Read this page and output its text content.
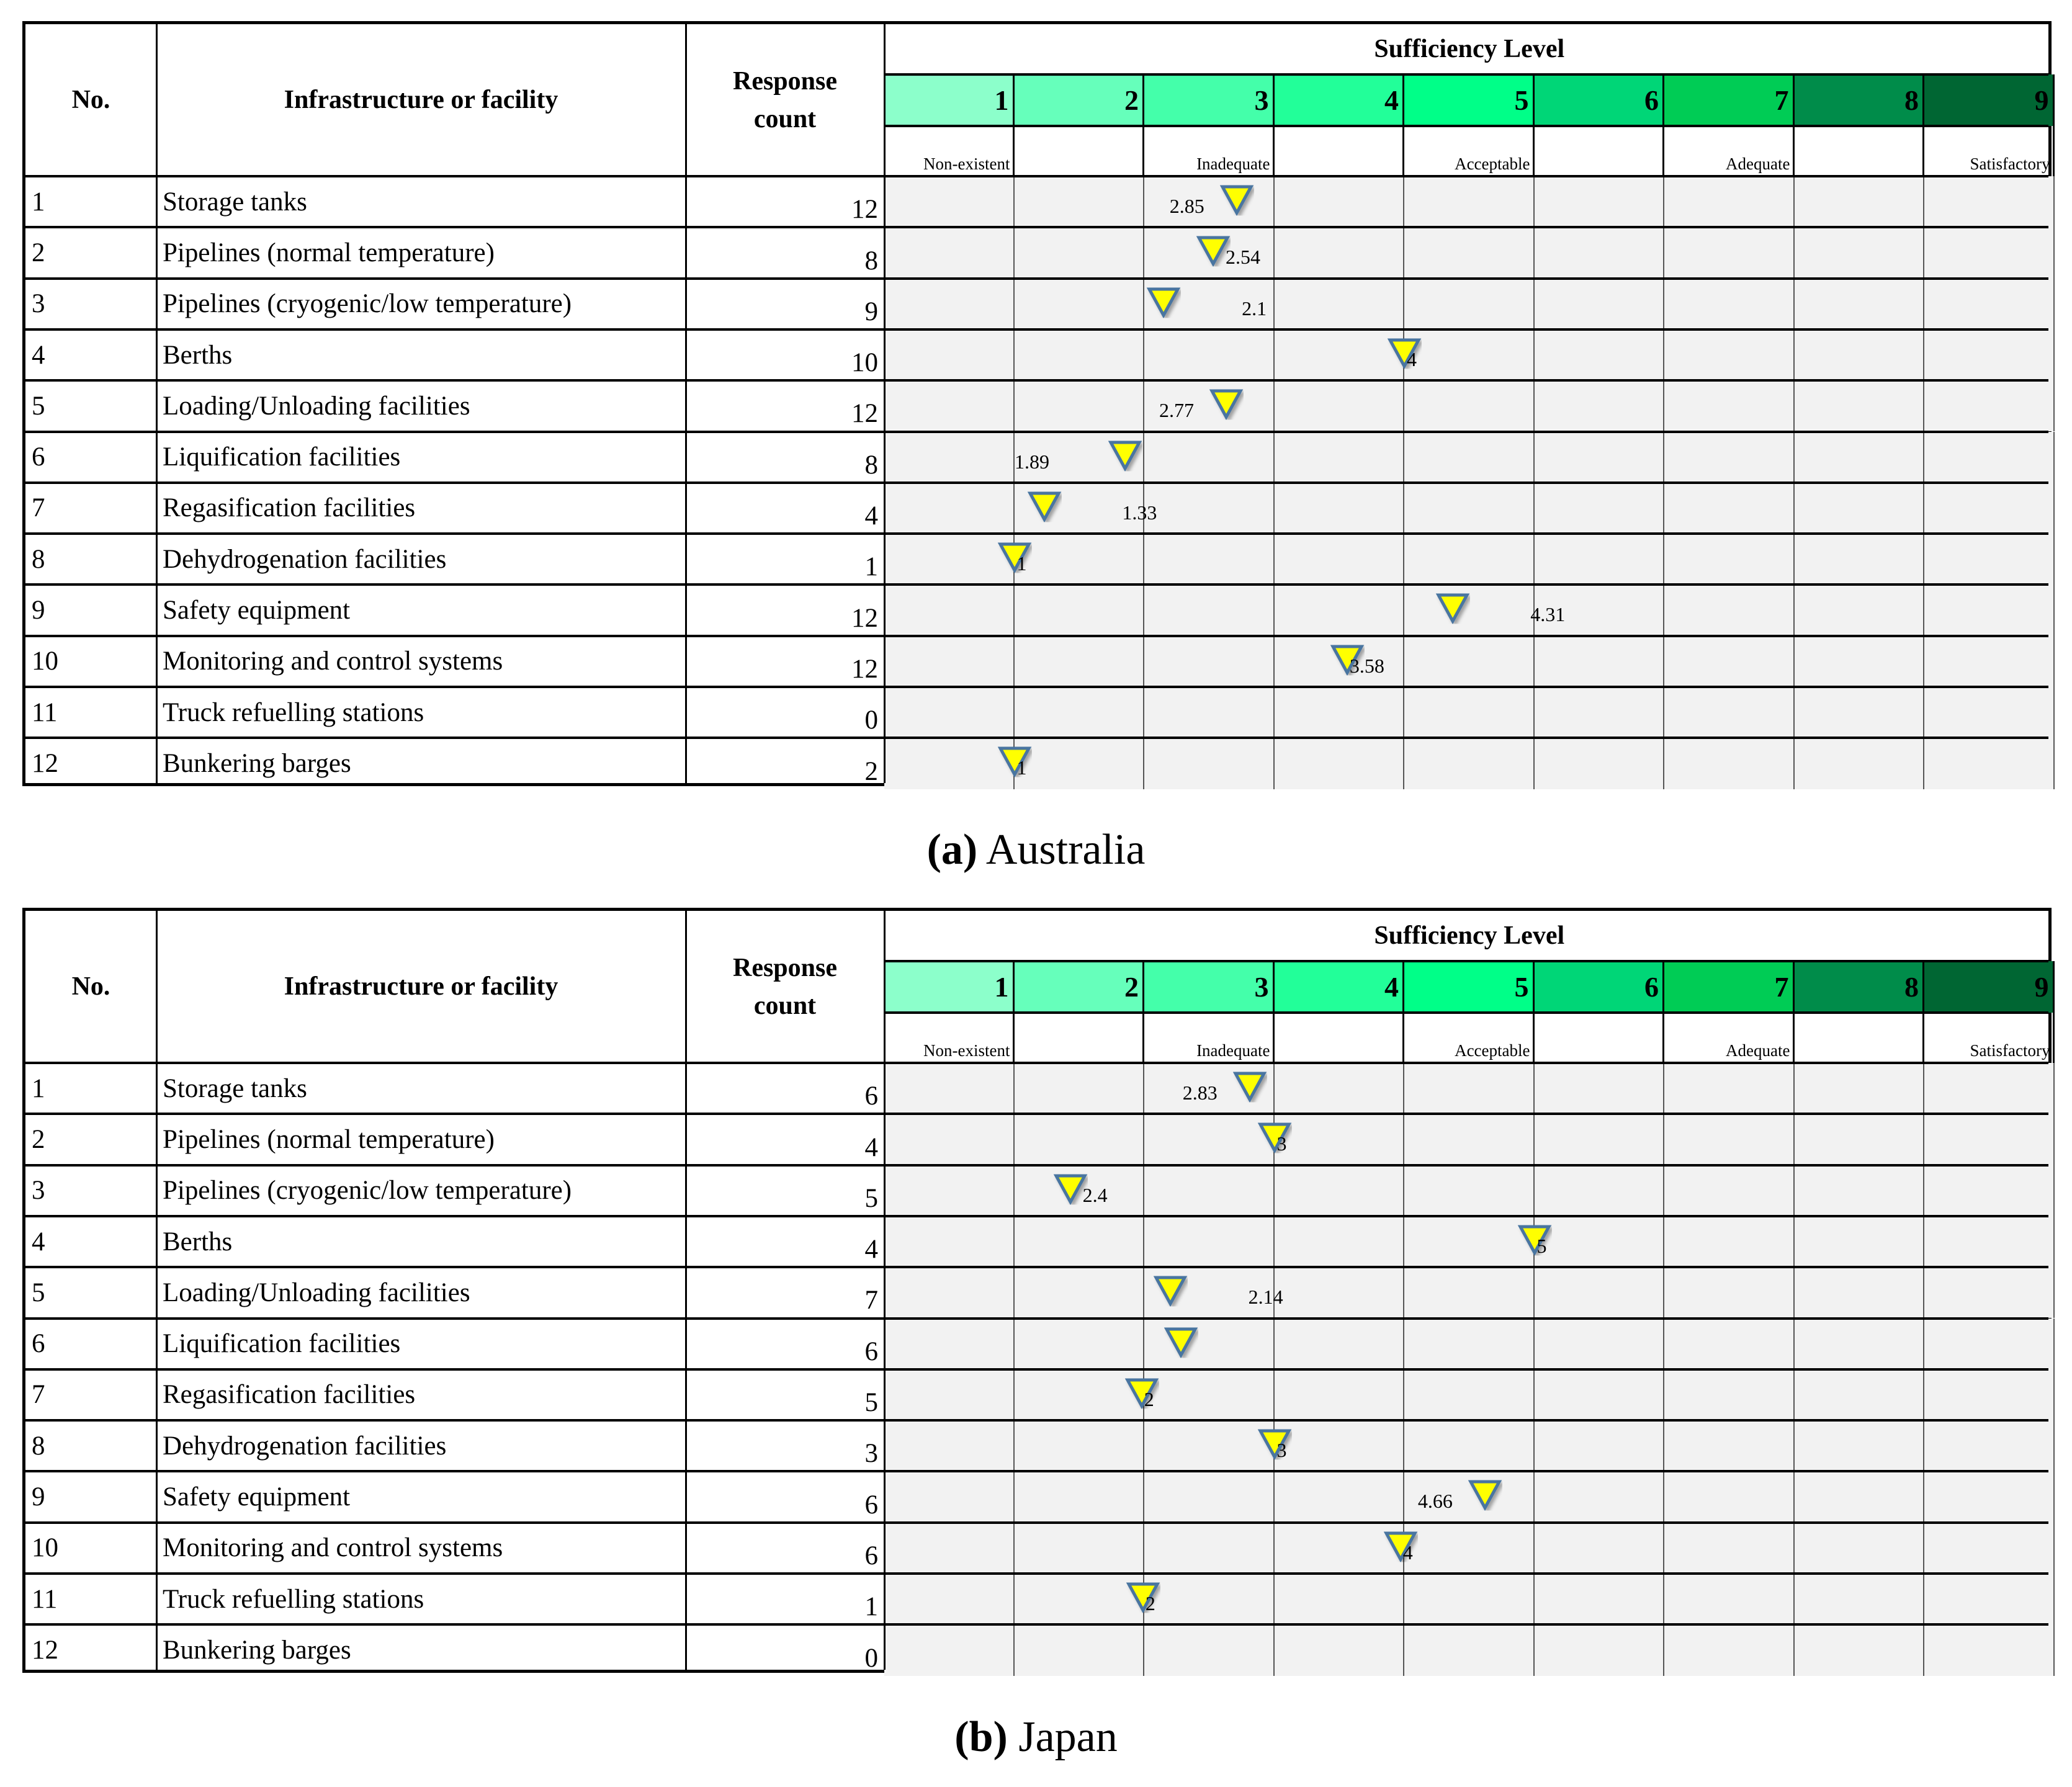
No.	Infrastructure or facility
Response count
Sufficiency Level
1
Non-existent
2	3
Inadequate
4	5
Acceptable
6	7
Adequate
8	9
Satisfactory
1	Storage tanks	12	2.85
2	Pipelines (normal temperature)	8	2.54
3	Pipelines (cryogenic/low temperature)	9	2.1
4	Berths	10	4
5	Loading/Unloading facilities	12	2.77
6	Liquification facilities	8	1.89
7	Regasification facilities	4	1.33
8	Dehydrogenation facilities	1	1
9	Safety equipment	12	4.31
10	Monitoring and control systems	12	3.58
11	Truck refuelling stations	0
12	Bunkering barges	2	1
(a) Australia
No.	Infrastructure or facility
Response count
Sufficiency Level
1
Non-existent
2	3
Inadequate
4	5
Acceptable
6	7
Adequate
8	9
Satisfactory
1	Storage tanks	6	2.83
2	Pipelines (normal temperature)	4	3
3	Pipelines (cryogenic/low temperature)	5	2.4
4	Berths	4	5
5	Loading/Unloading facilities	7	2.14
6	Liquification facilities	6
7	Regasification facilities	5	2
8	Dehydrogenation facilities	3	3
9	Safety equipment	6	4.66
10	Monitoring and control systems	6	4
11	Truck refuelling stations	1	2
12	Bunkering barges	0
(b) Japan
